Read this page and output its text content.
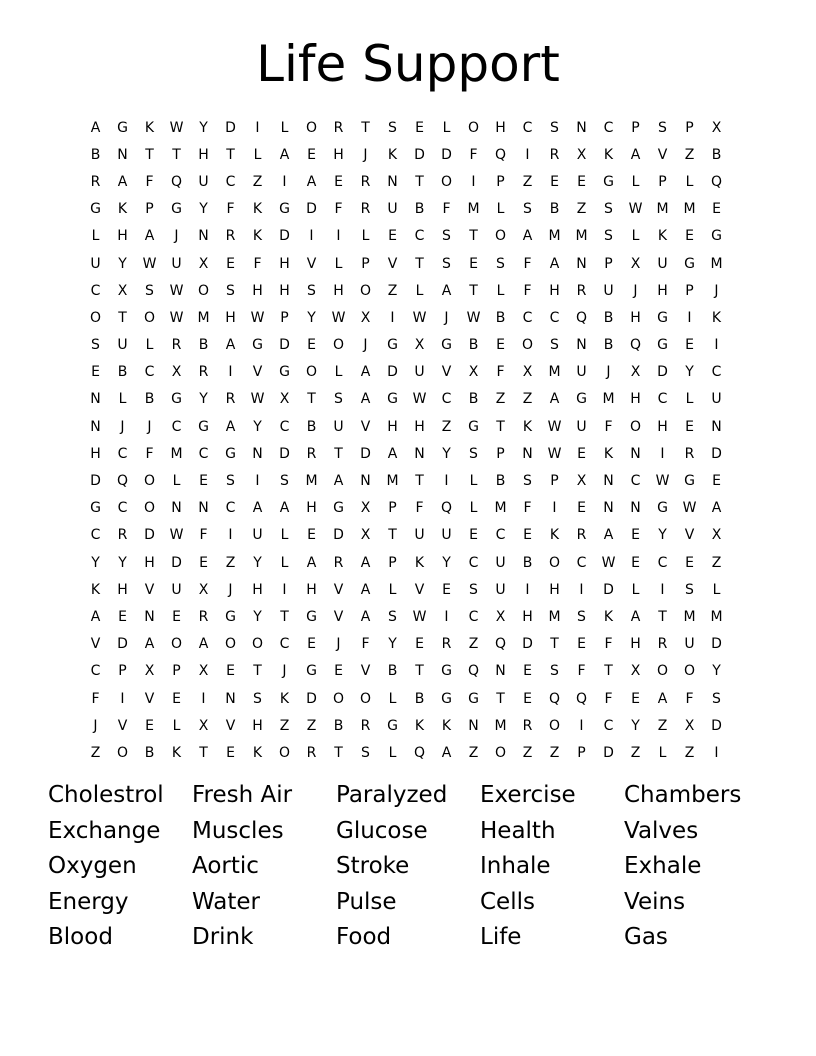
Life Support
A	G	K	W	Y	D	I	L	O	R	T	S	E	L	O	H	C	S	N	C	P	S	P	X
B	N	T	T	H	T	L	A	E	H	J	K	D	D	F	Q	I	R	X	K	A	V	Z	B
R	A	F	Q	U	C	Z	I	A	E	R	N	T	O	I	P	Z	E	E	G	L	P	L	Q
G	K	P	G	Y	F	K	G	D	F	R	U	B	F	M	L	S	B	Z	S	W	M	M	E
L	H	A	J	N	R	K	D	I	I	L	E	C	S	T	O	A	M	M	S	L	K	E	G
U	Y	W	U	X	E	F	H	V	L	P	V	T	S	E	S	F	A	N	P	X	U	G	M
C	X	S	W	O	S	H	H	S	H	O	Z	L	A	T	L	F	H	R	U	J	H	P	J
O	T	O	W	M	H	W	P	Y	W	X	I	W	J	W	B	C	C	Q	B	H	G	I	K
S	U	L	R	B	A	G	D	E	O	J	G	X	G	B	E	O	S	N	B	Q	G	E	I
E	B	C	X	R	I	V	G	O	L	A	D	U	V	X	F	X	M	U	J	X	D	Y	C
N	L	B	G	Y	R	W	X	T	S	A	G	W	C	B	Z	Z	A	G	M	H	C	L	U
N	J	J	C	G	A	Y	C	B	U	V	H	H	Z	G	T	K	W	U	F	O	H	E	N
H	C	F	M	C	G	N	D	R	T	D	A	N	Y	S	P	N	W	E	K	N	I	R	D
D	Q	O	L	E	S	I	S	M	A	N	M	T	I	L	B	S	P	X	N	C	W	G	E
G	C	O	N	N	C	A	A	H	G	X	P	F	Q	L	M	F	I	E	N	N	G	W	A
C	R	D	W	F	I	U	L	E	D	X	T	U	U	E	C	E	K	R	A	E	Y	V	X
Y	Y	H	D	E	Z	Y	L	A	R	A	P	K	Y	C	U	B	O	C	W	E	C	E	Z
K	H	V	U	X	J	H	I	H	V	A	L	V	E	S	U	I	H	I	D	L	I	S	L
A	E	N	E	R	G	Y	T	G	V	A	S	W	I	C	X	H	M	S	K	A	T	M	M
V	D	A	O	A	O	O	C	E	J	F	Y	E	R	Z	Q	D	T	E	F	H	R	U	D
C	P	X	P	X	E	T	J	G	E	V	B	T	G	Q	N	E	S	F	T	X	O	O	Y
F	I	V	E	I	N	S	K	D	O	O	L	B	G	G	T	E	Q	Q	F	E	A	F	S
J	V	E	L	X	V	H	Z	Z	B	R	G	K	K	N	M	R	O	I	C	Y	Z	X	D
Z	O	B	K	T	E	K	O	R	T	S	L	Q	A	Z	O	Z	Z	P	D	Z	L	Z	I
Cholestrol	Fresh Air	Paralyzed	Exercise	Chambers
Exchange	Muscles	Glucose	Health	Valves
Oxygen	Aortic	Stroke	Inhale	Exhale
Energy	Water	Pulse	Cells	Veins
Blood	Drink	Food	Life	Gas
